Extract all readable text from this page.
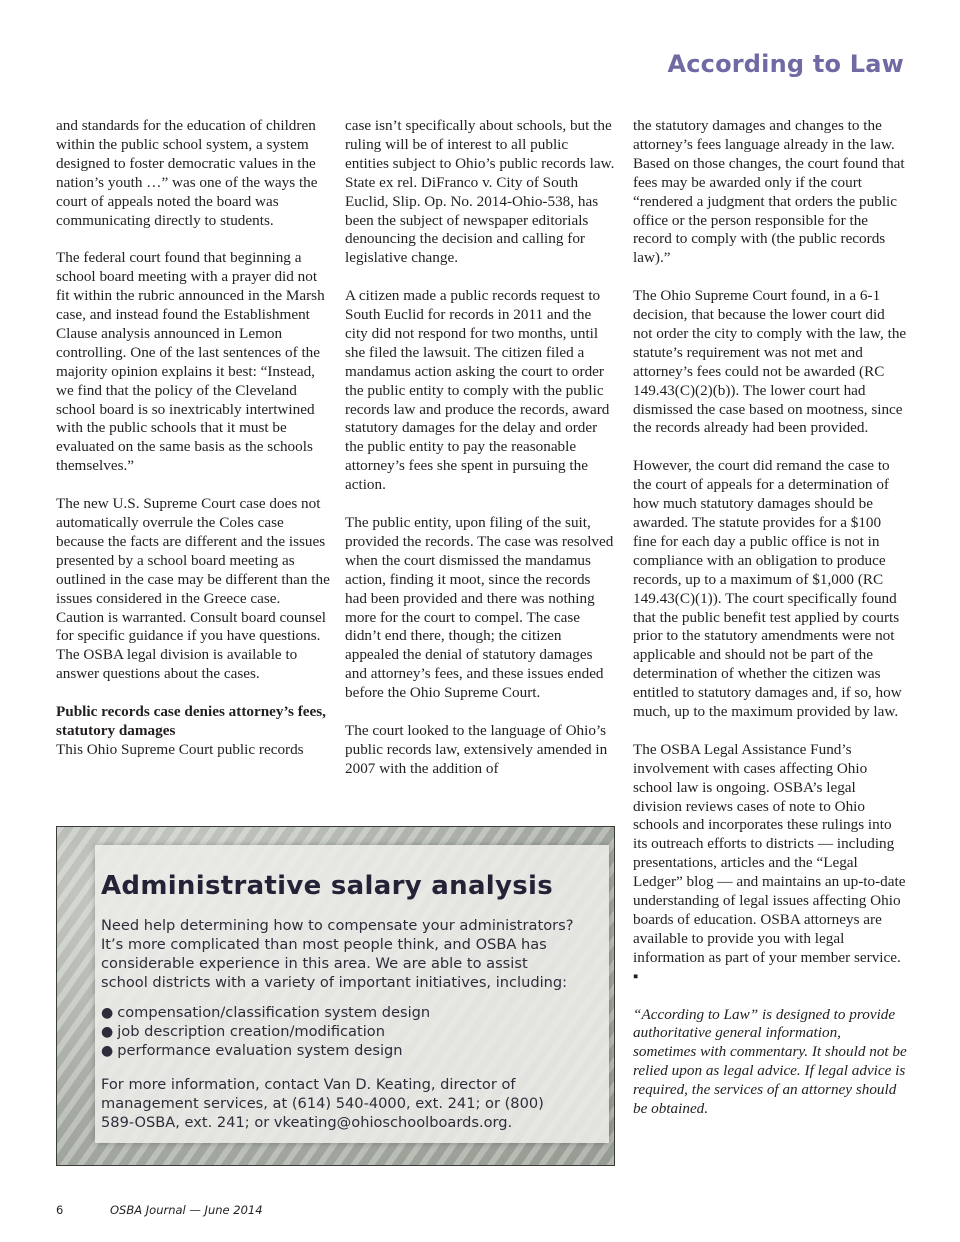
According to Law

and standards for the education of children within the public school system, a system designed to foster democratic values in the nation’s youth …” was one of the ways the court of appeals noted the board was communicating directly to students.

The federal court found that beginning a school board meeting with a prayer did not fit within the rubric announced in the Marsh case, and instead found the Establishment Clause analysis announced in Lemon controlling. One of the last sentences of the majority opinion explains it best: “Instead, we find that the policy of the Cleveland school board is so inextricably intertwined with the public schools that it must be evaluated on the same basis as the schools themselves.”

The new U.S. Supreme Court case does not automatically overrule the Coles case because the facts are different and the issues presented by a school board meeting as outlined in the case may be different than the issues considered in the Greece case. Caution is warranted. Consult board counsel for specific guidance if you have questions. The OSBA legal division is available to answer questions about the cases.

Public records case denies attorney’s fees, statutory damages
This Ohio Supreme Court public records

case isn’t specifically about schools, but the ruling will be of interest to all public entities subject to Ohio’s public records law. State ex rel. DiFranco v. City of South Euclid, Slip. Op. No. 2014-Ohio-538, has been the subject of newspaper editorials denouncing the decision and calling for legislative change.

A citizen made a public records request to South Euclid for records in 2011 and the city did not respond for two months, until she filed the lawsuit. The citizen filed a mandamus action asking the court to order the public entity to comply with the public records law and produce the records, award statutory damages for the delay and order the public entity to pay the reasonable attorney’s fees she spent in pursuing the action.

The public entity, upon filing of the suit, provided the records. The case was resolved when the court dismissed the mandamus action, finding it moot, since the records had been provided and there was nothing more for the court to compel. The case didn’t end there, though; the citizen appealed the denial of statutory damages and attorney’s fees, and these issues ended before the Ohio Supreme Court.

The court looked to the language of Ohio’s public records law, extensively amended in 2007 with the addition of

the statutory damages and changes to the attorney’s fees language already in the law. Based on those changes, the court found that fees may be awarded only if the court “rendered a judgment that orders the public office or the person responsible for the record to comply with (the public records law).”

The Ohio Supreme Court found, in a 6-1 decision, that because the lower court did not order the city to comply with the law, the statute’s requirement was not met and attorney’s fees could not be awarded (RC 149.43(C)(2)(b)). The lower court had dismissed the case based on mootness, since the records already had been provided.

However, the court did remand the case to the court of appeals for a determination of how much statutory damages should be awarded. The statute provides for a $100 fine for each day a public office is not in compliance with an obligation to produce records, up to a maximum of $1,000 (RC 149.43(C)(1)). The court specifically found that the public benefit test applied by courts prior to the statutory amendments were not applicable and should not be part of the determination of whether the citizen was entitled to statutory damages and, if so, how much, up to the maximum provided by law.

The OSBA Legal Assistance Fund’s involvement with cases affecting Ohio school law is ongoing. OSBA’s legal division reviews cases of note to Ohio schools and incorporates these rulings into its outreach efforts to districts — including presentations, articles and the “Legal Ledger” blog — and maintains an up-to-date understanding of legal issues affecting Ohio boards of education. OSBA attorneys are available to provide you with legal information as part of your member service. ▪

“According to Law” is designed to provide authoritative general information, sometimes with commentary. It should not be relied upon as legal advice. If legal advice is required, the services of an attorney should be obtained.

Administrative salary analysis
Need help determining how to compensate your administrators? It’s more complicated than most people think, and OSBA has considerable experience in this area. We are able to assist school districts with a variety of important initiatives, including:
● compensation/classification system design
● job description creation/modification
● performance evaluation system design
For more information, contact Van D. Keating, director of management services, at (614) 540-4000, ext. 241; or (800) 589-OSBA, ext. 241; or vkeating@ohioschoolboards.org.
6	OSBA Journal — June 2014
